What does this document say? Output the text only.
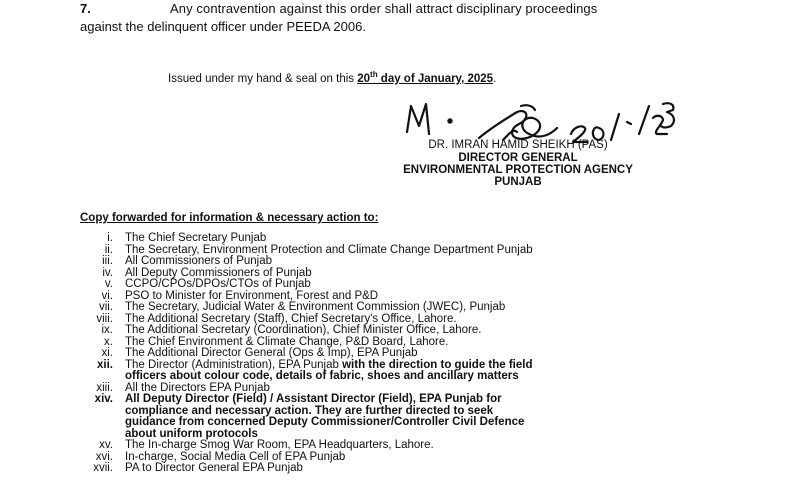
7.	Any contravention against this order shall attract disciplinary proceedings
against the delinquent officer under PEEDA 2006.
Issued under my hand & seal on this 20th day of January, 2025.
DR. IMRAN HAMID SHEIKH (PAS)
DIRECTOR GENERAL
ENVIRONMENTAL PROTECTION AGENCY
PUNJAB
Copy forwarded for information & necessary action to:
i.	The Chief Secretary Punjab
ii.	The Secretary, Environment Protection and Climate Change Department Punjab
iii.	All Commissioners of Punjab
iv.	All Deputy Commissioners of Punjab
v.	CCPO/CPOs/DPOs/CTOs of Punjab
vi.	PSO to Minister for Environment, Forest and P&D
vii.	The Secretary, Judicial Water & Environment Commission (JWEC), Punjab
viii.	The Additional Secretary (Staff), Chief Secretary's Office, Lahore.
ix.	The Additional Secretary (Coordination), Chief Minister Office, Lahore.
x.	The Chief Environment & Climate Change, P&D Board, Lahore.
xi.	The Additional Director General (Ops & Imp), EPA Punjab
xii.	The Director (Administration), EPA Punjab with the direction to guide the field
officers about colour code, details of fabric, shoes and ancillary matters
xiii.	All the Directors EPA Punjab
xiv.	All Deputy Director (Field) / Assistant Director (Field), EPA Punjab for
compliance and necessary action. They are further directed to seek
guidance from concerned Deputy Commissioner/Controller Civil Defence
about uniform protocols
xv.	The In-charge Smog War Room, EPA Headquarters, Lahore.
xvi.	In-charge, Social Media Cell of EPA Punjab
xvii.	PA to Director General EPA Punjab
